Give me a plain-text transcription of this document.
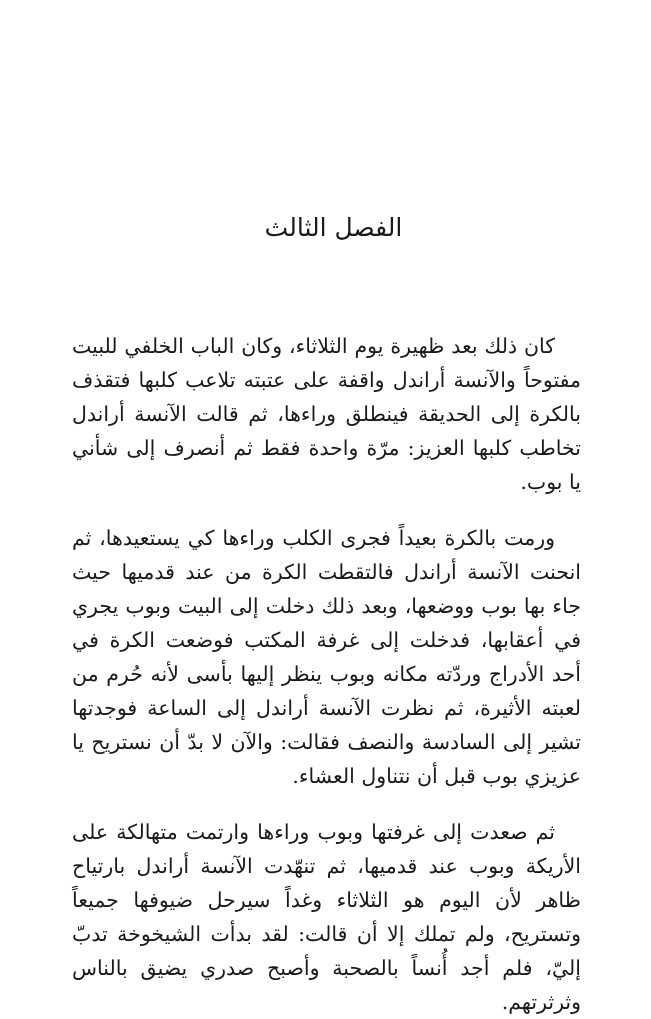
الفصل الثالث

كان ذلك بعد ظهيرة يوم الثلاثاء، وكان الباب الخلفي للبيت مفتوحاً والآنسة أراندل واقفة على عتبته تلاعب كلبها فتقذف بالكرة إلى الحديقة فينطلق وراءها، ثم قالت الآنسة أراندل تخاطب كلبها العزيز: مرّة واحدة فقط ثم أنصرف إلى شأني يا بوب.

ورمت بالكرة بعيداً فجرى الكلب وراءها كي يستعيدها، ثم انحنت الآنسة أراندل فالتقطت الكرة من عند قدميها حيث جاء بها بوب ووضعها، وبعد ذلك دخلت إلى البيت وبوب يجري في أعقابها، فدخلت إلى غرفة المكتب فوضعت الكرة في أحد الأدراج وردّته مكانه وبوب ينظر إليها بأسى لأنه حُرم من لعبته الأثيرة، ثم نظرت الآنسة أراندل إلى الساعة فوجدتها تشير إلى السادسة والنصف فقالت: والآن لا بدّ أن نستريح يا عزيزي بوب قبل أن نتناول العشاء.

ثم صعدت إلى غرفتها وبوب وراءها وارتمت متهالكة على الأريكة وبوب عند قدميها، ثم تنهّدت الآنسة أراندل بارتياح ظاهر لأن اليوم هو الثلاثاء وغداً سيرحل ضيوفها جميعاً وتستريح، ولم تملك إلا أن قالت: لقد بدأت الشيخوخة تدبّ إليّ، فلم أجد أُنساً بالصحبة وأصبح صدري يضيق بالناس وثرثرتهم.
